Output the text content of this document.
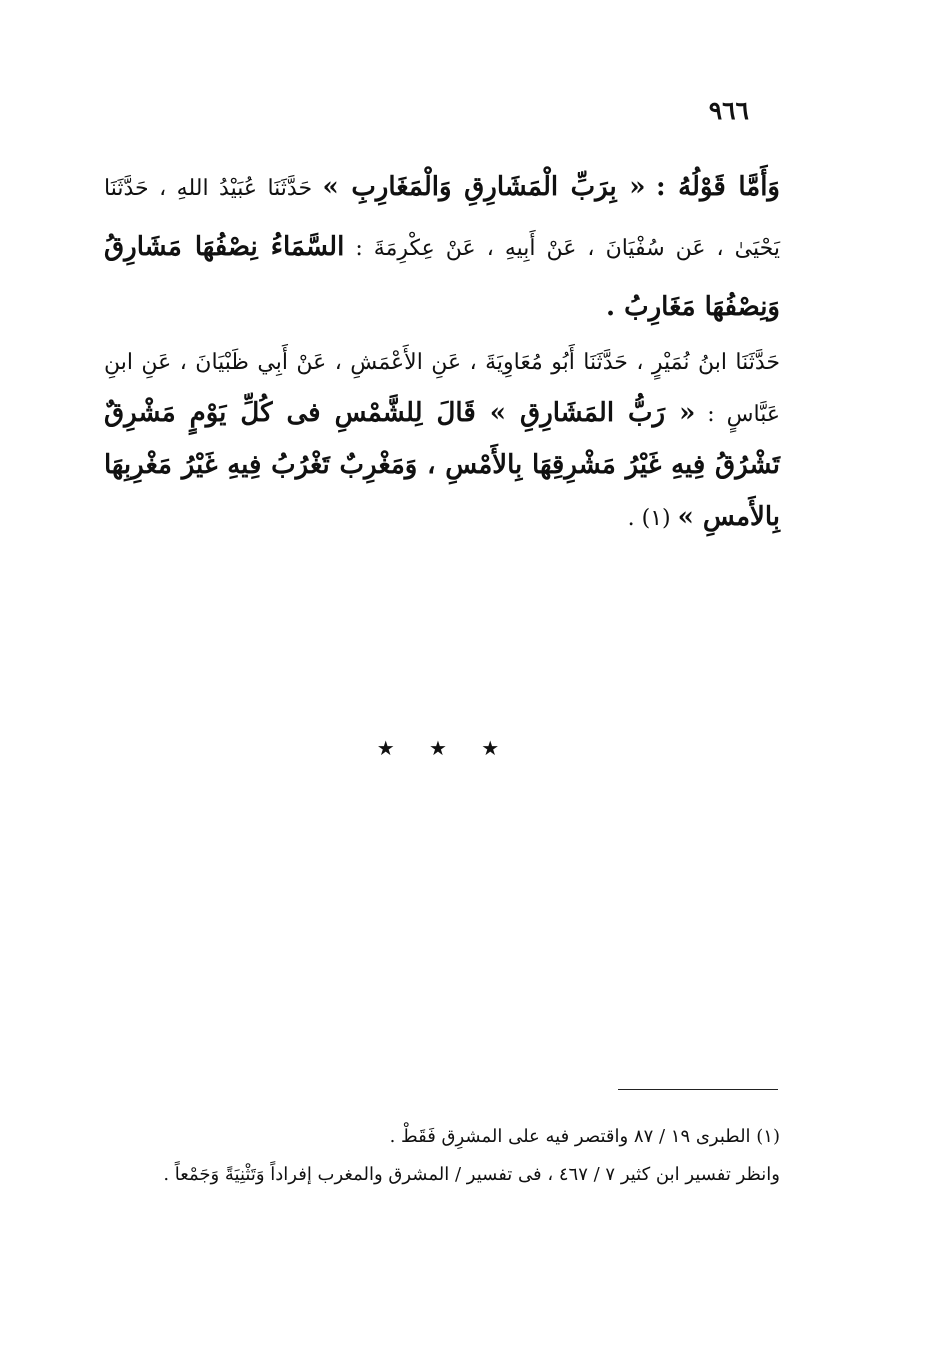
٩٦٦

وَأَمَّا قَوْلُهُ : « بِرَبِّ الْمَشَارِقِ وَالْمَغَارِبِ » حَدَّثَنَا عُبَيْدُ اللهِ ، حَدَّثَنَا يَحْيَىٰ ، عَن سُفْيَانَ ، عَنْ أَبِيهِ ، عَنْ عِكْرِمَةَ : السَّمَاءُ نِصْفُهَا مَشَارِقُ وَنِصْفُهَا مَغَارِبُ .

حَدَّثَنَا ابنُ نُمَيْرٍ ، حَدَّثَنَا أَبُو مُعَاوِيَةَ ، عَنِ الأَعْمَشِ ، عَنْ أَبِي ظَبْيَانَ ، عَنِ ابنِ عَبَّاسٍ : « رَبُّ المَشَارِقِ » قَالَ لِلشَّمْسِ فى كُلِّ يَوْمٍ مَشْرِقٌ تَشْرُقُ فِيهِ غَيْرُ مَشْرِقِهَا بِالأَمْسِ ، وَمَغْرِبٌ تَغْرُبُ فِيهِ غَيْرُ مَغْرِبِهَا بِالأَمسِ » (١) .

★ ★ ★

(١) الطبرى ١٩ / ٨٧ واقتصر فيه على المشرِق فَقَطْ .

وانظر تفسير ابن كثير ٧ / ٤٦٧ ، فى تفسير / المشرق والمغرب إفراداً وَتَثْنِيَةً وَجَمْعاً .
